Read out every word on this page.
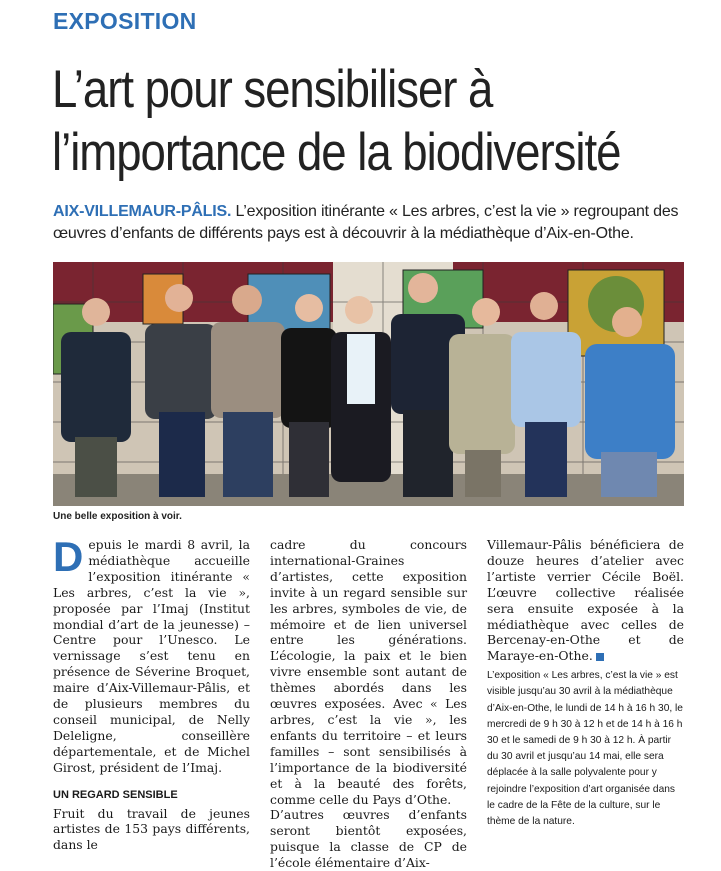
EXPOSITION
L’art pour sensibiliser à
l’importance de la biodiversité
AIX-VILLEMAUR-PÂLIS. L’exposition itinérante « Les arbres, c’est la vie » regroupant des œuvres d’enfants de différents pays est à découvrir à la médiathèque d’Aix-en-Othe.
Une belle exposition à voir.

Depuis le mardi 8 avril, la médiathèque accueille l’exposition itinérante « Les arbres, c’est la vie », proposée par l’Imaj (Institut mondial d’art de la jeunesse) – Centre pour l’Unesco. Le vernissage s’est tenu en présence de Séverine Broquet, maire d’Aix-Villemaur-Pâlis, et de plusieurs membres du conseil municipal, de Nelly Deleligne, conseillère départementale, et de Michel Girost, président de l’Imaj.

UN REGARD SENSIBLE

Fruit du travail de jeunes artistes de 153 pays différents, dans le

cadre du concours international-Graines d’artistes, cette exposition invite à un regard sensible sur les arbres, symboles de vie, de mémoire et de lien universel entre les générations. L’écologie, la paix et le bien vivre ensemble sont autant de thèmes abordés dans les œuvres exposées. Avec « Les arbres, c’est la vie », les enfants du territoire – et leurs familles – sont sensibilisés à l’importance de la biodiversité et à la beauté des forêts, comme celle du Pays d’Othe.

D’autres œuvres d’enfants seront bientôt exposées, puisque la classe de CP de l’école élémentaire d’Aix-

Villemaur-Pâlis bénéficiera de douze heures d’atelier avec l’artiste verrier Cécile Boël. L’œuvre collective réalisée sera ensuite exposée à la médiathèque avec celles de Bercenay-en-Othe et de Maraye-en-Othe.

L’exposition « Les arbres, c’est la vie » est visible jusqu’au 30 avril à la médiathèque d’Aix-en-Othe, le lundi de 14 h à 16 h 30, le mercredi de 9 h 30 à 12 h et de 14 h à 16 h 30 et le samedi de 9 h 30 à 12 h. À partir du 30 avril et jusqu’au 14 mai, elle sera déplacée à la salle polyvalente pour y rejoindre l’exposition d’art organisée dans le cadre de la Fête de la culture, sur le thème de la nature.
